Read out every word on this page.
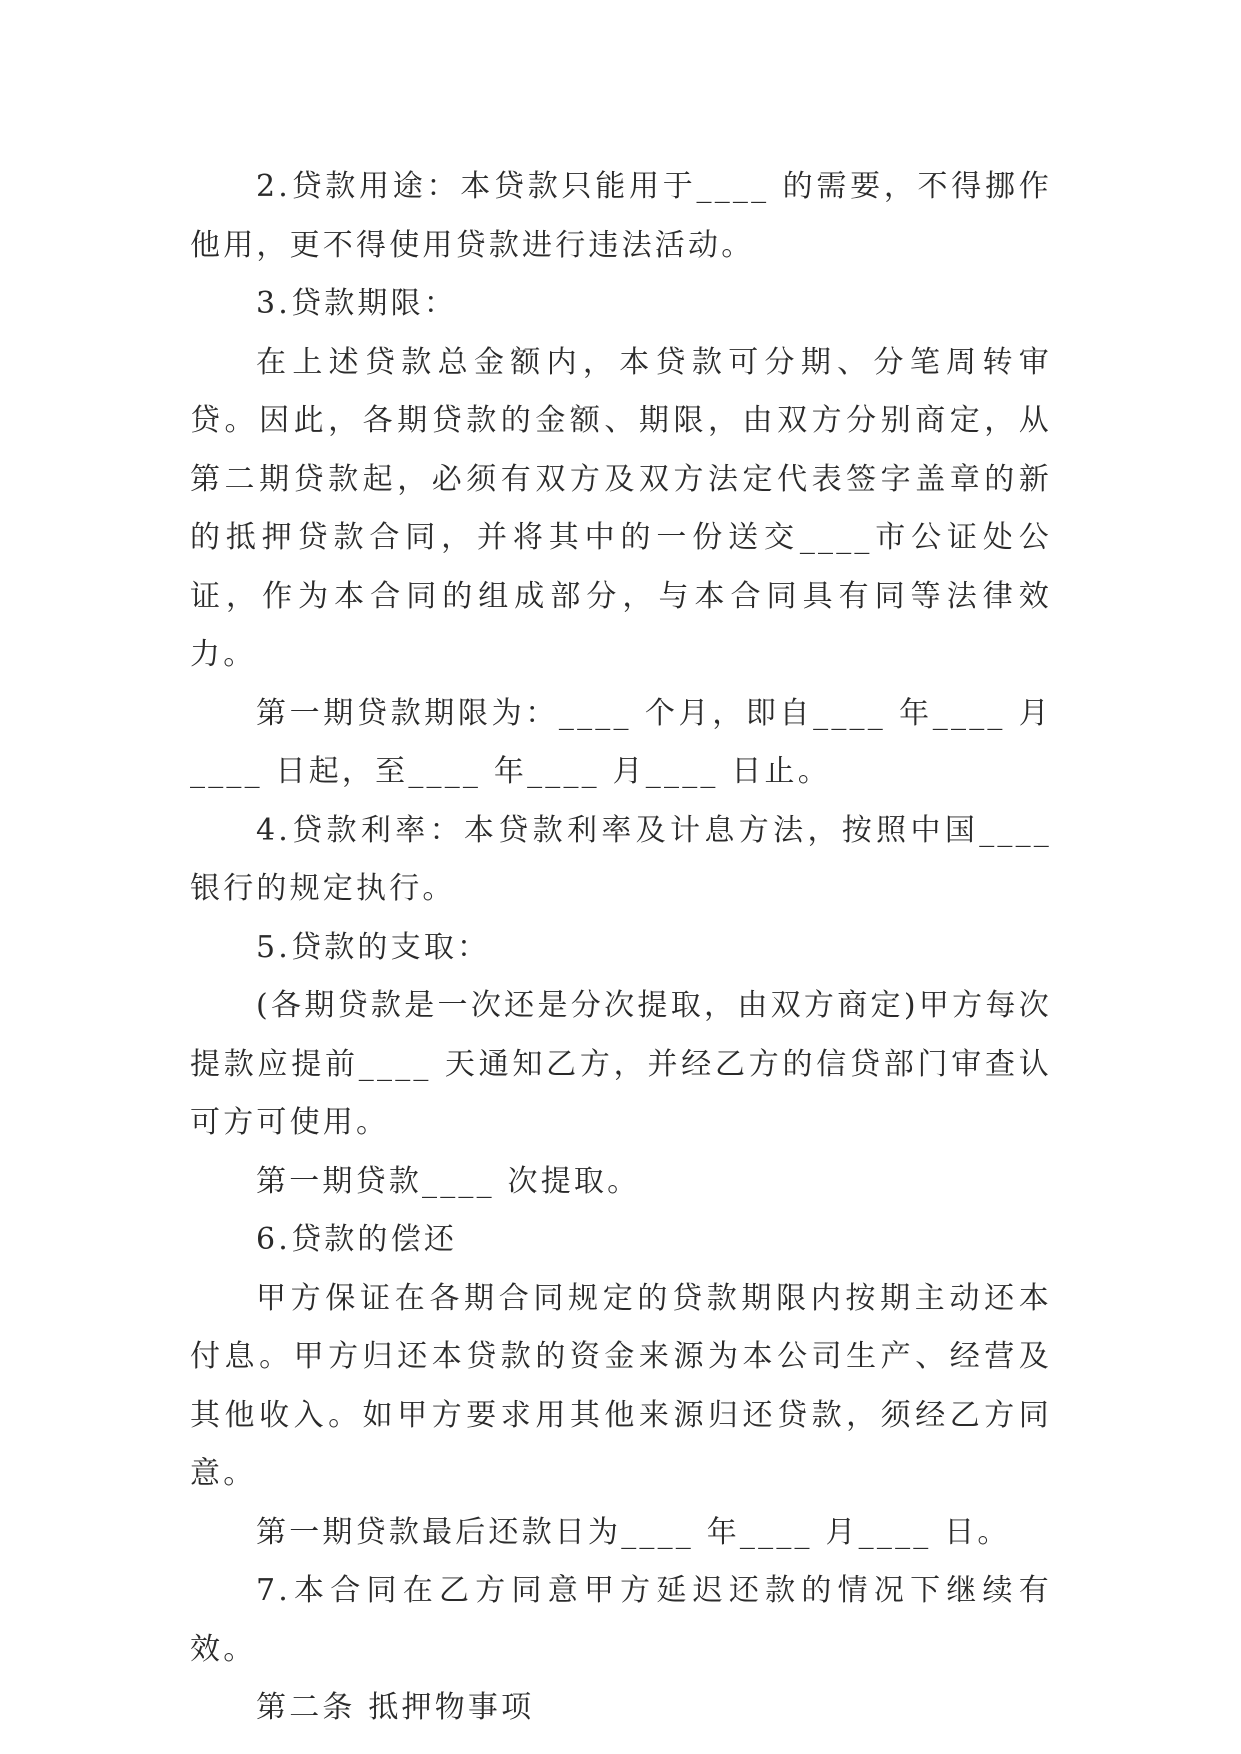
2.贷款用途：本贷款只能用于____ 的需要，不得挪作他用，更不得使用贷款进行违法活动。

3.贷款期限：

在上述贷款总金额内，本贷款可分期、分笔周转审贷。因此，各期贷款的金额、期限，由双方分别商定，从第二期贷款起，必须有双方及双方法定代表签字盖章的新的抵押贷款合同，并将其中的一份送交____市公证处公证，作为本合同的组成部分，与本合同具有同等法律效力。

第一期贷款期限为：____ 个月，即自____ 年____ 月____ 日起，至____ 年____ 月____ 日止。

4.贷款利率：本贷款利率及计息方法，按照中国____银行的规定执行。

5.贷款的支取：

(各期贷款是一次还是分次提取，由双方商定)甲方每次提款应提前____ 天通知乙方，并经乙方的信贷部门审查认可方可使用。

第一期贷款____ 次提取。

6.贷款的偿还

甲方保证在各期合同规定的贷款期限内按期主动还本付息。甲方归还本贷款的资金来源为本公司生产、经营及其他收入。如甲方要求用其他来源归还贷款，须经乙方同意。

第一期贷款最后还款日为____ 年____ 月____ 日。

7.本合同在乙方同意甲方延迟还款的情况下继续有效。

第二条 抵押物事项
